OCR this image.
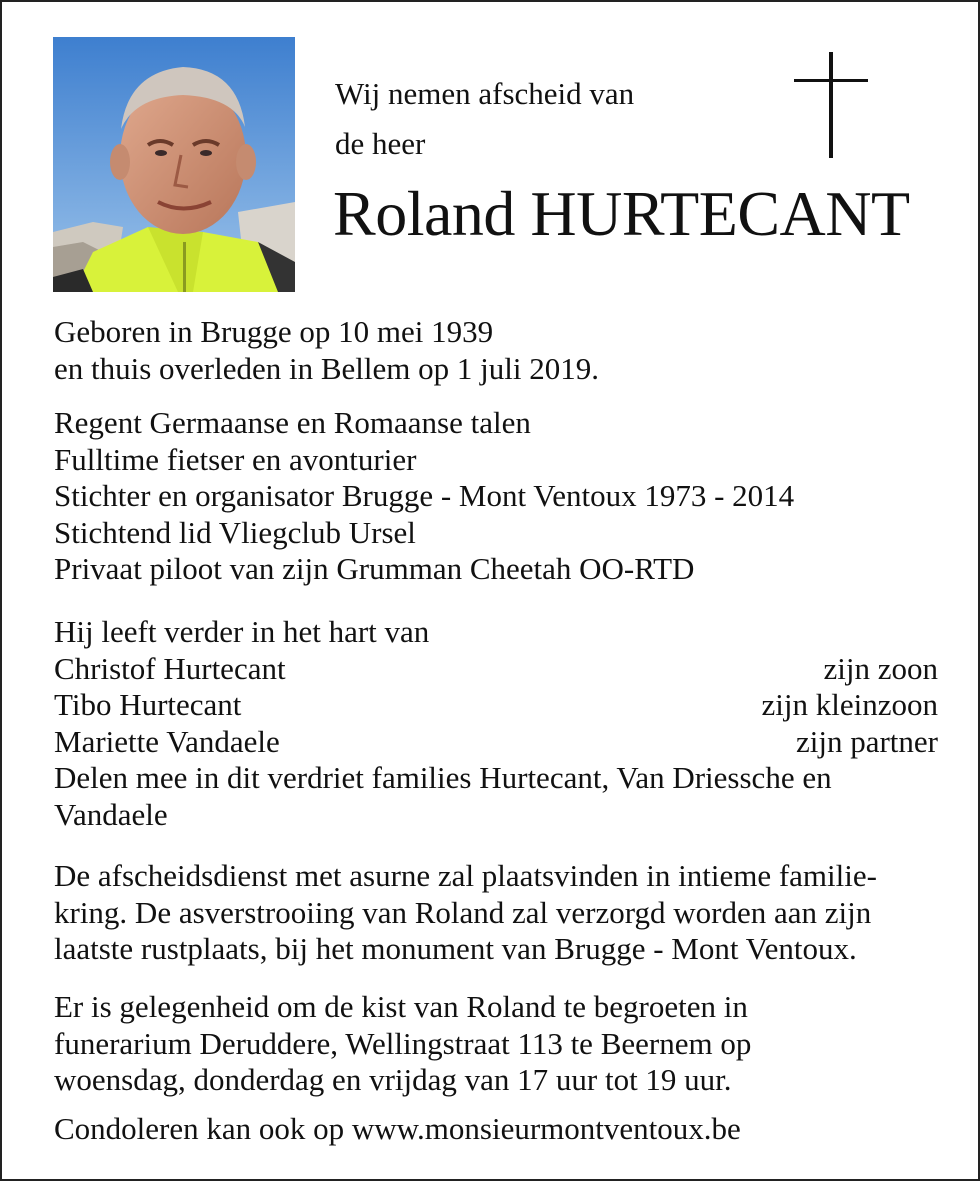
Wij nemen afscheid van
de heer
Roland HURTECANT
Geboren in Brugge op 10 mei 1939
en thuis overleden in Bellem op 1 juli 2019.
Regent Germaanse en Romaanse talen
Fulltime fietser en avonturier
Stichter en organisator Brugge - Mont Ventoux 1973 - 2014
Stichtend lid Vliegclub Ursel
Privaat piloot van zijn Grumman Cheetah OO-RTD
Hij leeft verder in het hart van
Christof Hurtecant	zijn zoon
Tibo Hurtecant	zijn kleinzoon
Mariette Vandaele	zijn partner
Delen mee in dit verdriet families Hurtecant, Van Driessche en
Vandaele
De afscheidsdienst met asurne zal plaatsvinden in intieme familie-
kring. De asverstrooiing van Roland zal verzorgd worden aan zijn
laatste rustplaats, bij het monument van Brugge - Mont Ventoux.
Er is gelegenheid om de kist van Roland te begroeten in
funerarium Deruddere, Wellingstraat 113 te Beernem op
woensdag, donderdag en vrijdag van 17 uur tot 19 uur.
Condoleren kan ook op www.monsieurmontventoux.be
